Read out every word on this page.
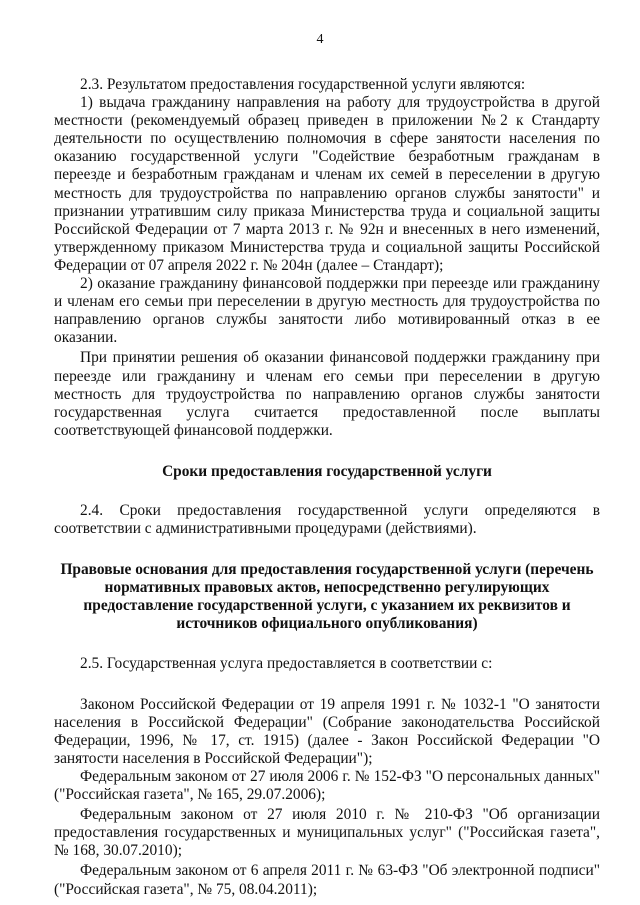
4

2.3. Результатом предоставления государственной услуги являются:

1) выдача гражданину направления на работу для трудоустройства в другой местности (рекомендуемый образец приведен в приложении №2 к Стандарту деятельности по осуществлению полномочия в сфере занятости населения по оказанию государственной услуги "Содействие безработным гражданам в переезде и безработным гражданам и членам их семей в переселении в другую местность для трудоустройства по направлению органов службы занятости" и признании утратившим силу приказа Министерства труда и социальной защиты Российской Федерации от 7 марта 2013 г. № 92н и внесенных в него изменений, утвержденному приказом Министерства труда и социальной защиты Российской Федерации от 07 апреля 2022 г. № 204н (далее – Стандарт);

2) оказание гражданину финансовой поддержки при переезде или гражданину и членам его семьи при переселении в другую местность для трудоустройства по направлению органов службы занятости либо мотивированный отказ в ее оказании.

При принятии решения об оказании финансовой поддержки гражданину при переезде или гражданину и членам его семьи при переселении в другую местность для трудоустройства по направлению органов службы занятости государственная услуга считается предоставленной после выплаты соответствующей финансовой поддержки.

Сроки предоставления государственной услуги

2.4. Сроки предоставления государственной услуги определяются в соответствии с административными процедурами (действиями).

Правовые основания для предоставления государственной услуги (перечень нормативных правовых актов, непосредственно регулирующих предоставление государственной услуги, с указанием их реквизитов и источников официального опубликования)

2.5. Государственная услуга предоставляется в соответствии с:

Законом Российской Федерации от 19 апреля 1991 г. № 1032-1 "О занятости населения в Российской Федерации" (Собрание законодательства Российской Федерации, 1996, № 17, ст. 1915) (далее - Закон Российской Федерации "О занятости населения в Российской Федерации");

Федеральным законом от 27 июля 2006 г. № 152-ФЗ "О персональных данных" ("Российская газета", № 165, 29.07.2006);

Федеральным законом от 27 июля 2010 г. № 210-ФЗ "Об организации предоставления государственных и муниципальных услуг" ("Российская газета", № 168, 30.07.2010);

Федеральным законом от 6 апреля 2011 г. № 63-ФЗ "Об электронной подписи" ("Российская газета", № 75, 08.04.2011);
